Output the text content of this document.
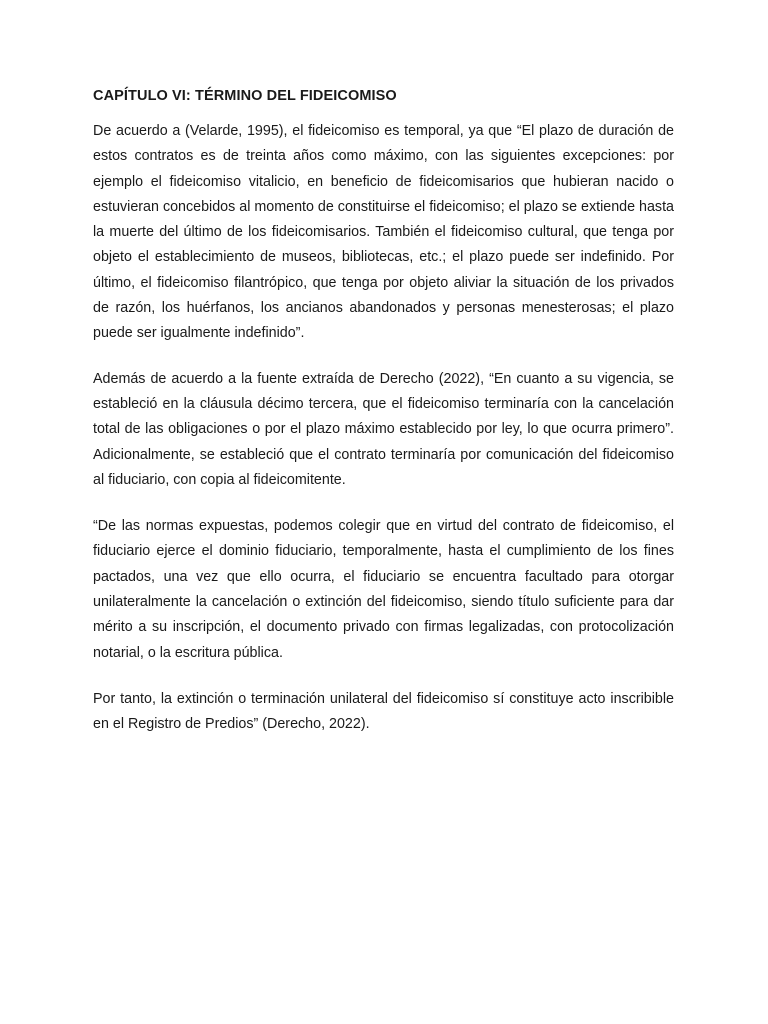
CAPÍTULO VI: TÉRMINO DEL FIDEICOMISO

De acuerdo a (Velarde, 1995), el fideicomiso es temporal, ya que “El plazo de duración de estos contratos es de treinta años como máximo, con las siguientes excepciones: por ejemplo el fideicomiso vitalicio, en beneficio de fideicomisarios que hubieran nacido o estuvieran concebidos al momento de constituirse el fideicomiso; el plazo se extiende hasta la muerte del último de los fideicomisarios. También el fideicomiso cultural, que tenga por objeto el establecimiento de museos, bibliotecas, etc.; el plazo puede ser indefinido. Por último, el fideicomiso filantrópico, que tenga por objeto aliviar la situación de los privados de razón, los huérfanos, los ancianos abandonados y personas menesterosas; el plazo puede ser igualmente indefinido”.

Además de acuerdo a la fuente extraída de Derecho (2022), “En cuanto a su vigencia, se estableció en la cláusula décimo tercera, que el fideicomiso terminaría con la cancelación total de las obligaciones o por el plazo máximo establecido por ley, lo que ocurra primero”. Adicionalmente, se estableció que el contrato terminaría por comunicación del fideicomiso al fiduciario, con copia al fideicomitente.

“De las normas expuestas, podemos colegir que en virtud del contrato de fideicomiso, el fiduciario ejerce el dominio fiduciario, temporalmente, hasta el cumplimiento de los fines pactados, una vez que ello ocurra, el fiduciario se encuentra facultado para otorgar unilateralmente la cancelación o extinción del fideicomiso, siendo título suficiente para dar mérito a su inscripción, el documento privado con firmas legalizadas, con protocolización notarial, o la escritura pública.

Por tanto, la extinción o terminación unilateral del fideicomiso sí constituye acto inscribible en el Registro de Predios” (Derecho, 2022).
